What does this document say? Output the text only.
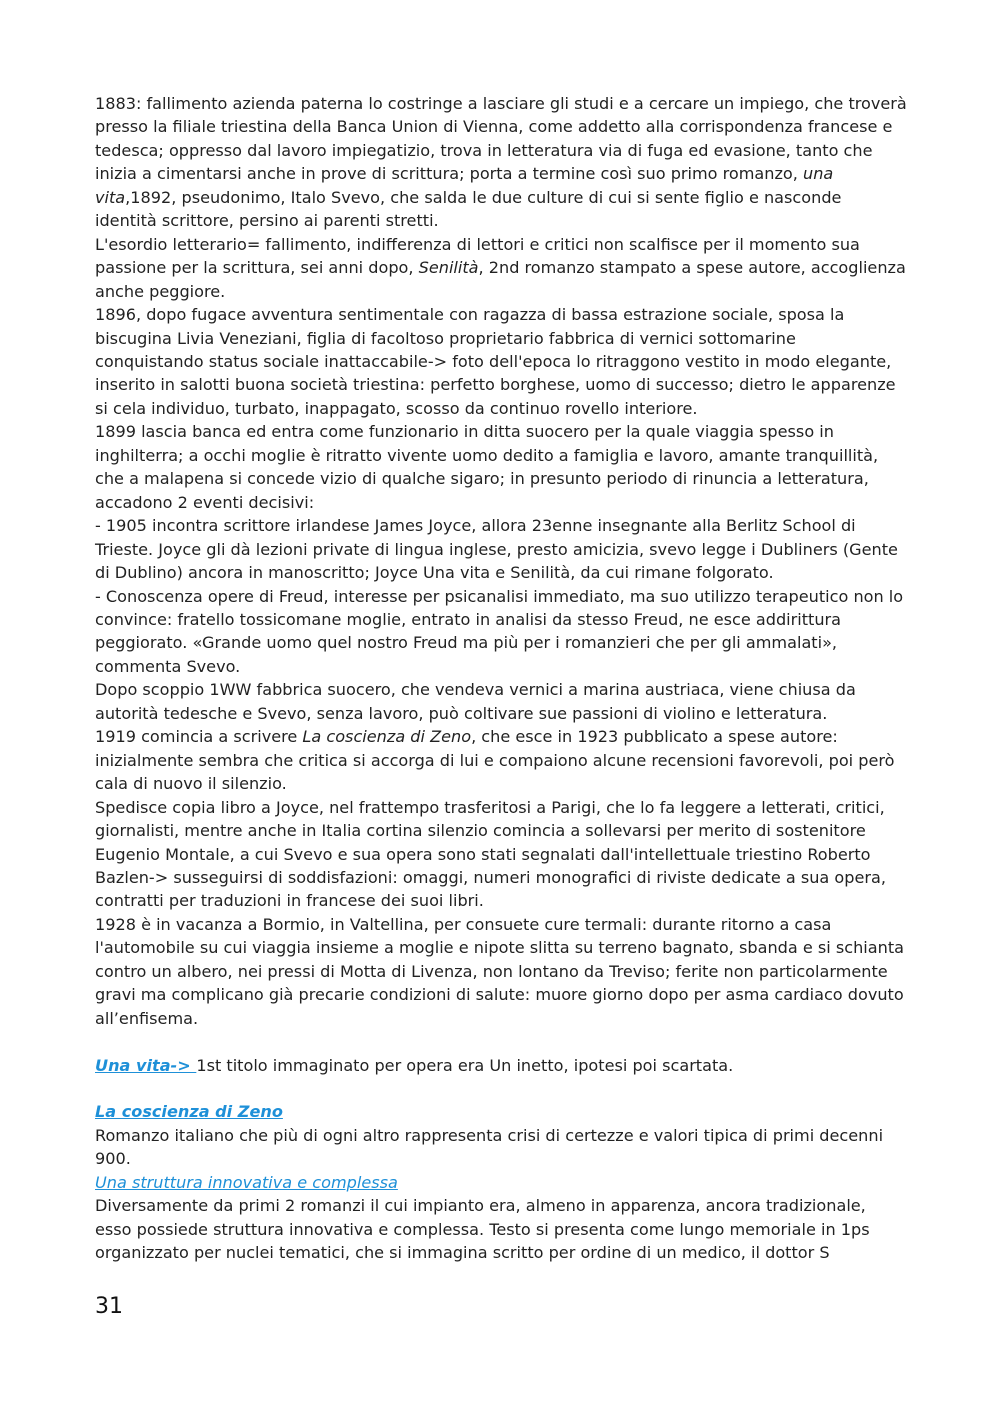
1883: fallimento azienda paterna lo costringe a lasciare gli studi e a cercare un impiego, che troverà presso la filiale triestina della Banca Union di Vienna, come addetto alla corrispondenza francese e tedesca; oppresso dal lavoro impiegatizio, trova in letteratura via di fuga ed evasione, tanto che inizia a cimentarsi anche in prove di scrittura; porta a termine così suo primo romanzo, una vita,1892, pseudonimo, Italo Svevo, che salda le due culture di cui si sente figlio e nasconde identità scrittore, persino ai parenti stretti.

L'esordio letterario= fallimento, indifferenza di lettori e critici non scalfisce per il momento sua passione per la scrittura, sei anni dopo, Senilità, 2nd romanzo stampato a spese autore, accoglienza anche peggiore.

1896, dopo fugace avventura sentimentale con ragazza di bassa estrazione sociale, sposa la biscugina Livia Veneziani, figlia di facoltoso proprietario fabbrica di vernici sottomarine conquistando status sociale inattaccabile-> foto dell'epoca lo ritraggono vestito in modo elegante, inserito in salotti buona società triestina: perfetto borghese, uomo di successo; dietro le apparenze si cela individuo, turbato, inappagato, scosso da continuo rovello interiore.

1899 lascia banca ed entra come funzionario in ditta suocero per la quale viaggia spesso in inghilterra; a occhi moglie è ritratto vivente uomo dedito a famiglia e lavoro, amante tranquillità, che a malapena si concede vizio di qualche sigaro; in presunto periodo di rinuncia a letteratura, accadono 2 eventi decisivi:

- 1905 incontra scrittore irlandese James Joyce, allora 23enne insegnante alla Berlitz School di Trieste. Joyce gli dà lezioni private di lingua inglese, presto amicizia, svevo legge i Dubliners (Gente di Dublino) ancora in manoscritto; Joyce Una vita e Senilità, da cui rimane folgorato.

- Conoscenza opere di Freud, interesse per psicanalisi immediato, ma suo utilizzo terapeutico non lo convince: fratello tossicomane moglie, entrato in analisi da stesso Freud, ne esce addirittura peggiorato. «Grande uomo quel nostro Freud ma più per i romanzieri che per gli ammalati», commenta Svevo.

Dopo scoppio 1WW fabbrica suocero, che vendeva vernici a marina austriaca, viene chiusa da autorità tedesche e Svevo, senza lavoro, può coltivare sue passioni di violino e letteratura.

1919 comincia a scrivere La coscienza di Zeno, che esce in 1923 pubblicato a spese autore: inizialmente sembra che critica si accorga di lui e compaiono alcune recensioni favorevoli, poi però cala di nuovo il silenzio.

Spedisce copia libro a Joyce, nel frattempo trasferitosi a Parigi, che lo fa leggere a letterati, critici, giornalisti, mentre anche in Italia cortina silenzio comincia a sollevarsi per merito di sostenitore Eugenio Montale, a cui Svevo e sua opera sono stati segnalati dall'intellettuale triestino Roberto Bazlen-> susseguirsi di soddisfazioni: omaggi, numeri monografici di riviste dedicate a sua opera, contratti per traduzioni in francese dei suoi libri.

1928 è in vacanza a Bormio, in Valtellina, per consuete cure termali: durante ritorno a casa l'automobile su cui viaggia insieme a moglie e nipote slitta su terreno bagnato, sbanda e si schianta contro un albero, nei pressi di Motta di Livenza, non lontano da Treviso; ferite non particolarmente gravi ma complicano già precarie condizioni di salute: muore giorno dopo per asma cardiaco dovuto all’enfisema.

Una vita-> 1st titolo immaginato per opera era Un inetto, ipotesi poi scartata.

La coscienza di Zeno

Romanzo italiano che più di ogni altro rappresenta crisi di certezze e valori tipica di primi decenni 900.

Una struttura innovativa e complessa

Diversamente da primi 2 romanzi il cui impianto era, almeno in apparenza, ancora tradizionale, esso possiede struttura innovativa e complessa. Testo si presenta come lungo memoriale in 1ps organizzato per nuclei tematici, che si immagina scritto per ordine di un medico, il dottor S

31
